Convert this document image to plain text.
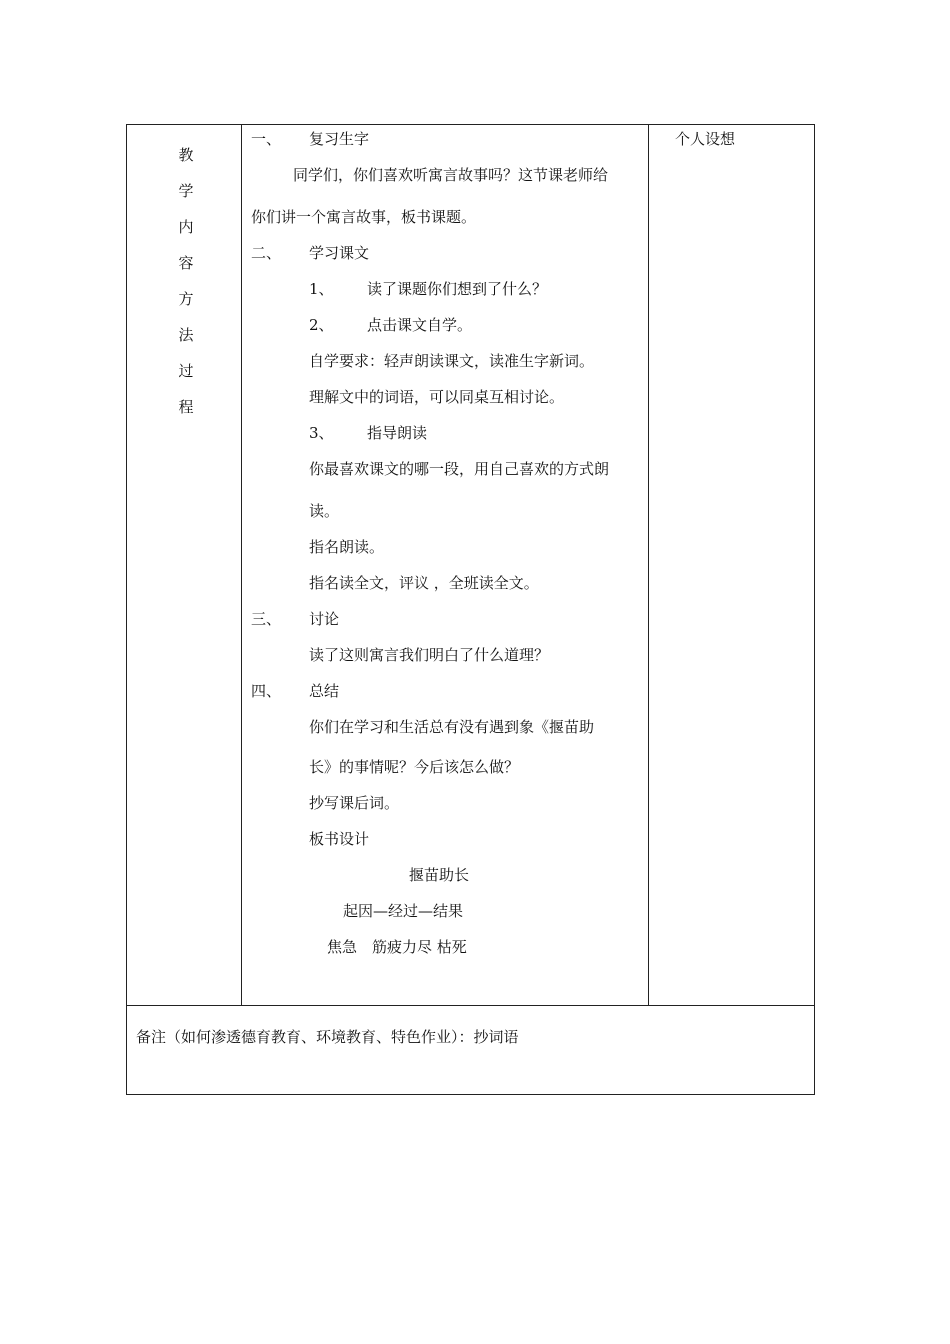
教
学
内
容
方
法
过
程
个人设想
一、 复习生字
同学们，你们喜欢听寓言故事吗？这节课老师给
你们讲一个寓言故事，板书课题。
二、 学习课文
1、 读了课题你们想到了什么？
2、 点击课文自学。
自学要求：轻声朗读课文，读准生字新词。
理解文中的词语，可以同桌互相讨论。
3、 指导朗读
你最喜欢课文的哪一段，用自己喜欢的方式朗
读。
指名朗读。
指名读全文，评议 ，全班读全文。
三、 讨论
读了这则寓言我们明白了什么道理？
四、 总结
你们在学习和生活总有没有遇到象《揠苗助
长》的事情呢？今后该怎么做？
抄写课后词。
板书设计
揠苗助长
起因—经过—结果
焦急　筋疲力尽 枯死
备注（如何渗透德育教育、环境教育、特色作业）：抄词语
